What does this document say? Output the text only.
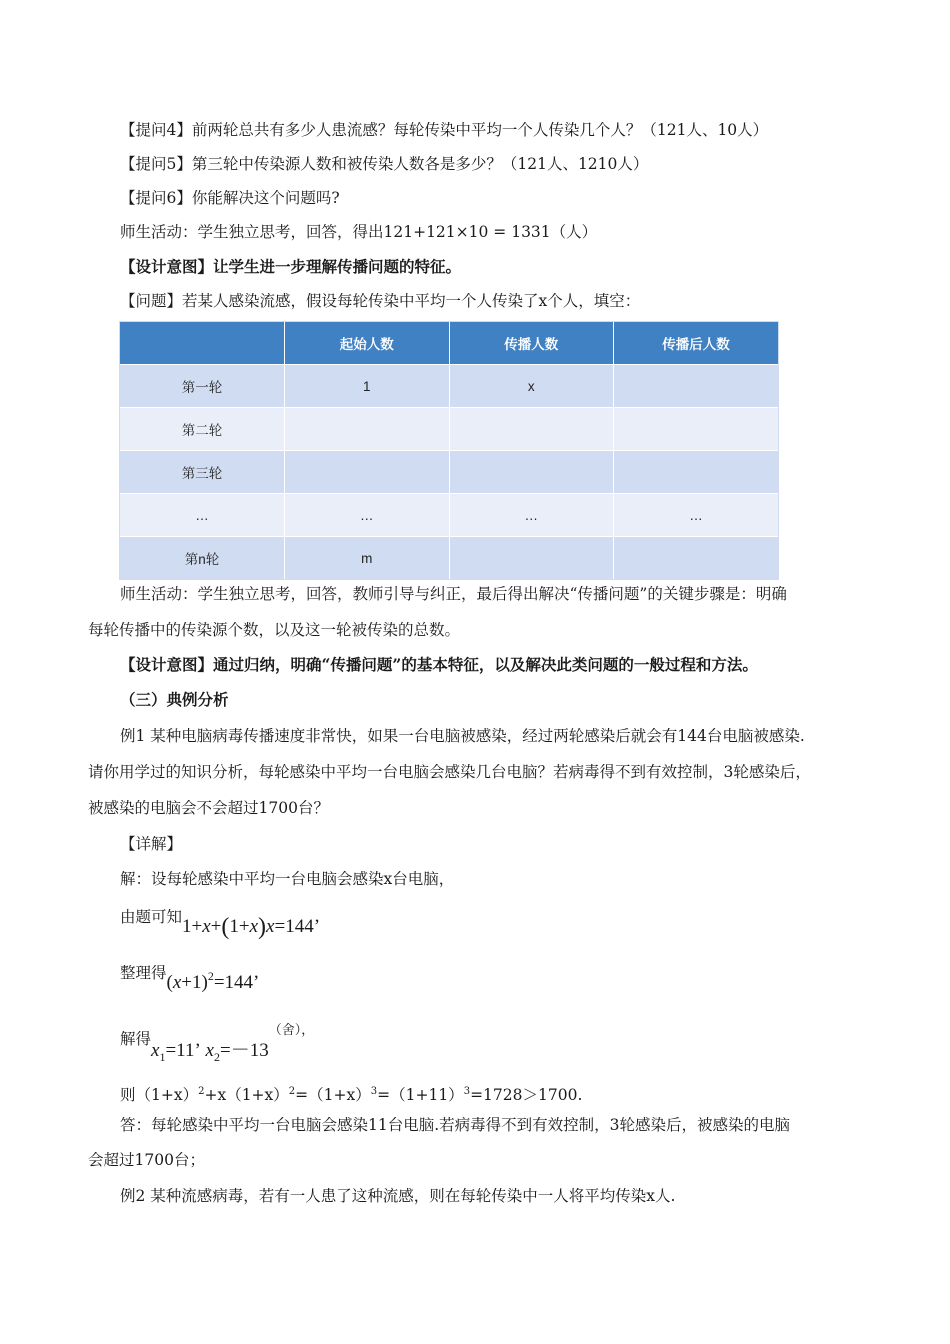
【提问4】前两轮总共有多少人患流感？每轮传染中平均一个人传染几个人？（121人、10人）
【提问5】第三轮中传染源人数和被传染人数各是多少？（121人、1210人）
【提问6】你能解决这个问题吗?
师生活动：学生独立思考，回答，得出121+121×10 = 1331（人）
【设计意图】让学生进一步理解传播问题的特征。
【问题】若某人感染流感，假设每轮传染中平均一个人传染了x个人，填空：
	起始人数	传播人数	传播后人数
第一轮	1	x	
第二轮			
第三轮			
…	…	…	…
第n轮	m		
师生活动：学生独立思考，回答，教师引导与纠正，最后得出解决“传播问题”的关键步骤是：明确
每轮传播中的传染源个数，以及这一轮被传染的总数。
【设计意图】通过归纳，明确“传播问题”的基本特征，以及解决此类问题的一般过程和方法。
（三）典例分析
例1 某种电脑病毒传播速度非常快，如果一台电脑被感染，经过两轮感染后就会有144台电脑被感染.
请你用学过的知识分析，每轮感染中平均一台电脑会感染几台电脑？若病毒得不到有效控制，3轮感染后，
被感染的电脑会不会超过1700台？
【详解】
解：设每轮感染中平均一台电脑会感染x台电脑，
由题可知1+x+(1+x)x=144’
整理得$(x+1)^2=144$’
解得$x_1=11$’ $x_2=-13^{(舍),}$
则$(1+x)^2+x(1+x)^2=(1+x)^3=(1+11)^3=1728>1700$.
答：每轮感染中平均一台电脑会感染11台电脑.若病毒得不到有效控制，3轮感染后，被感染的电脑
会超过1700台；
例2 某种流感病毒，若有一人患了这种流感，则在每轮传染中一人将平均传染x人.
